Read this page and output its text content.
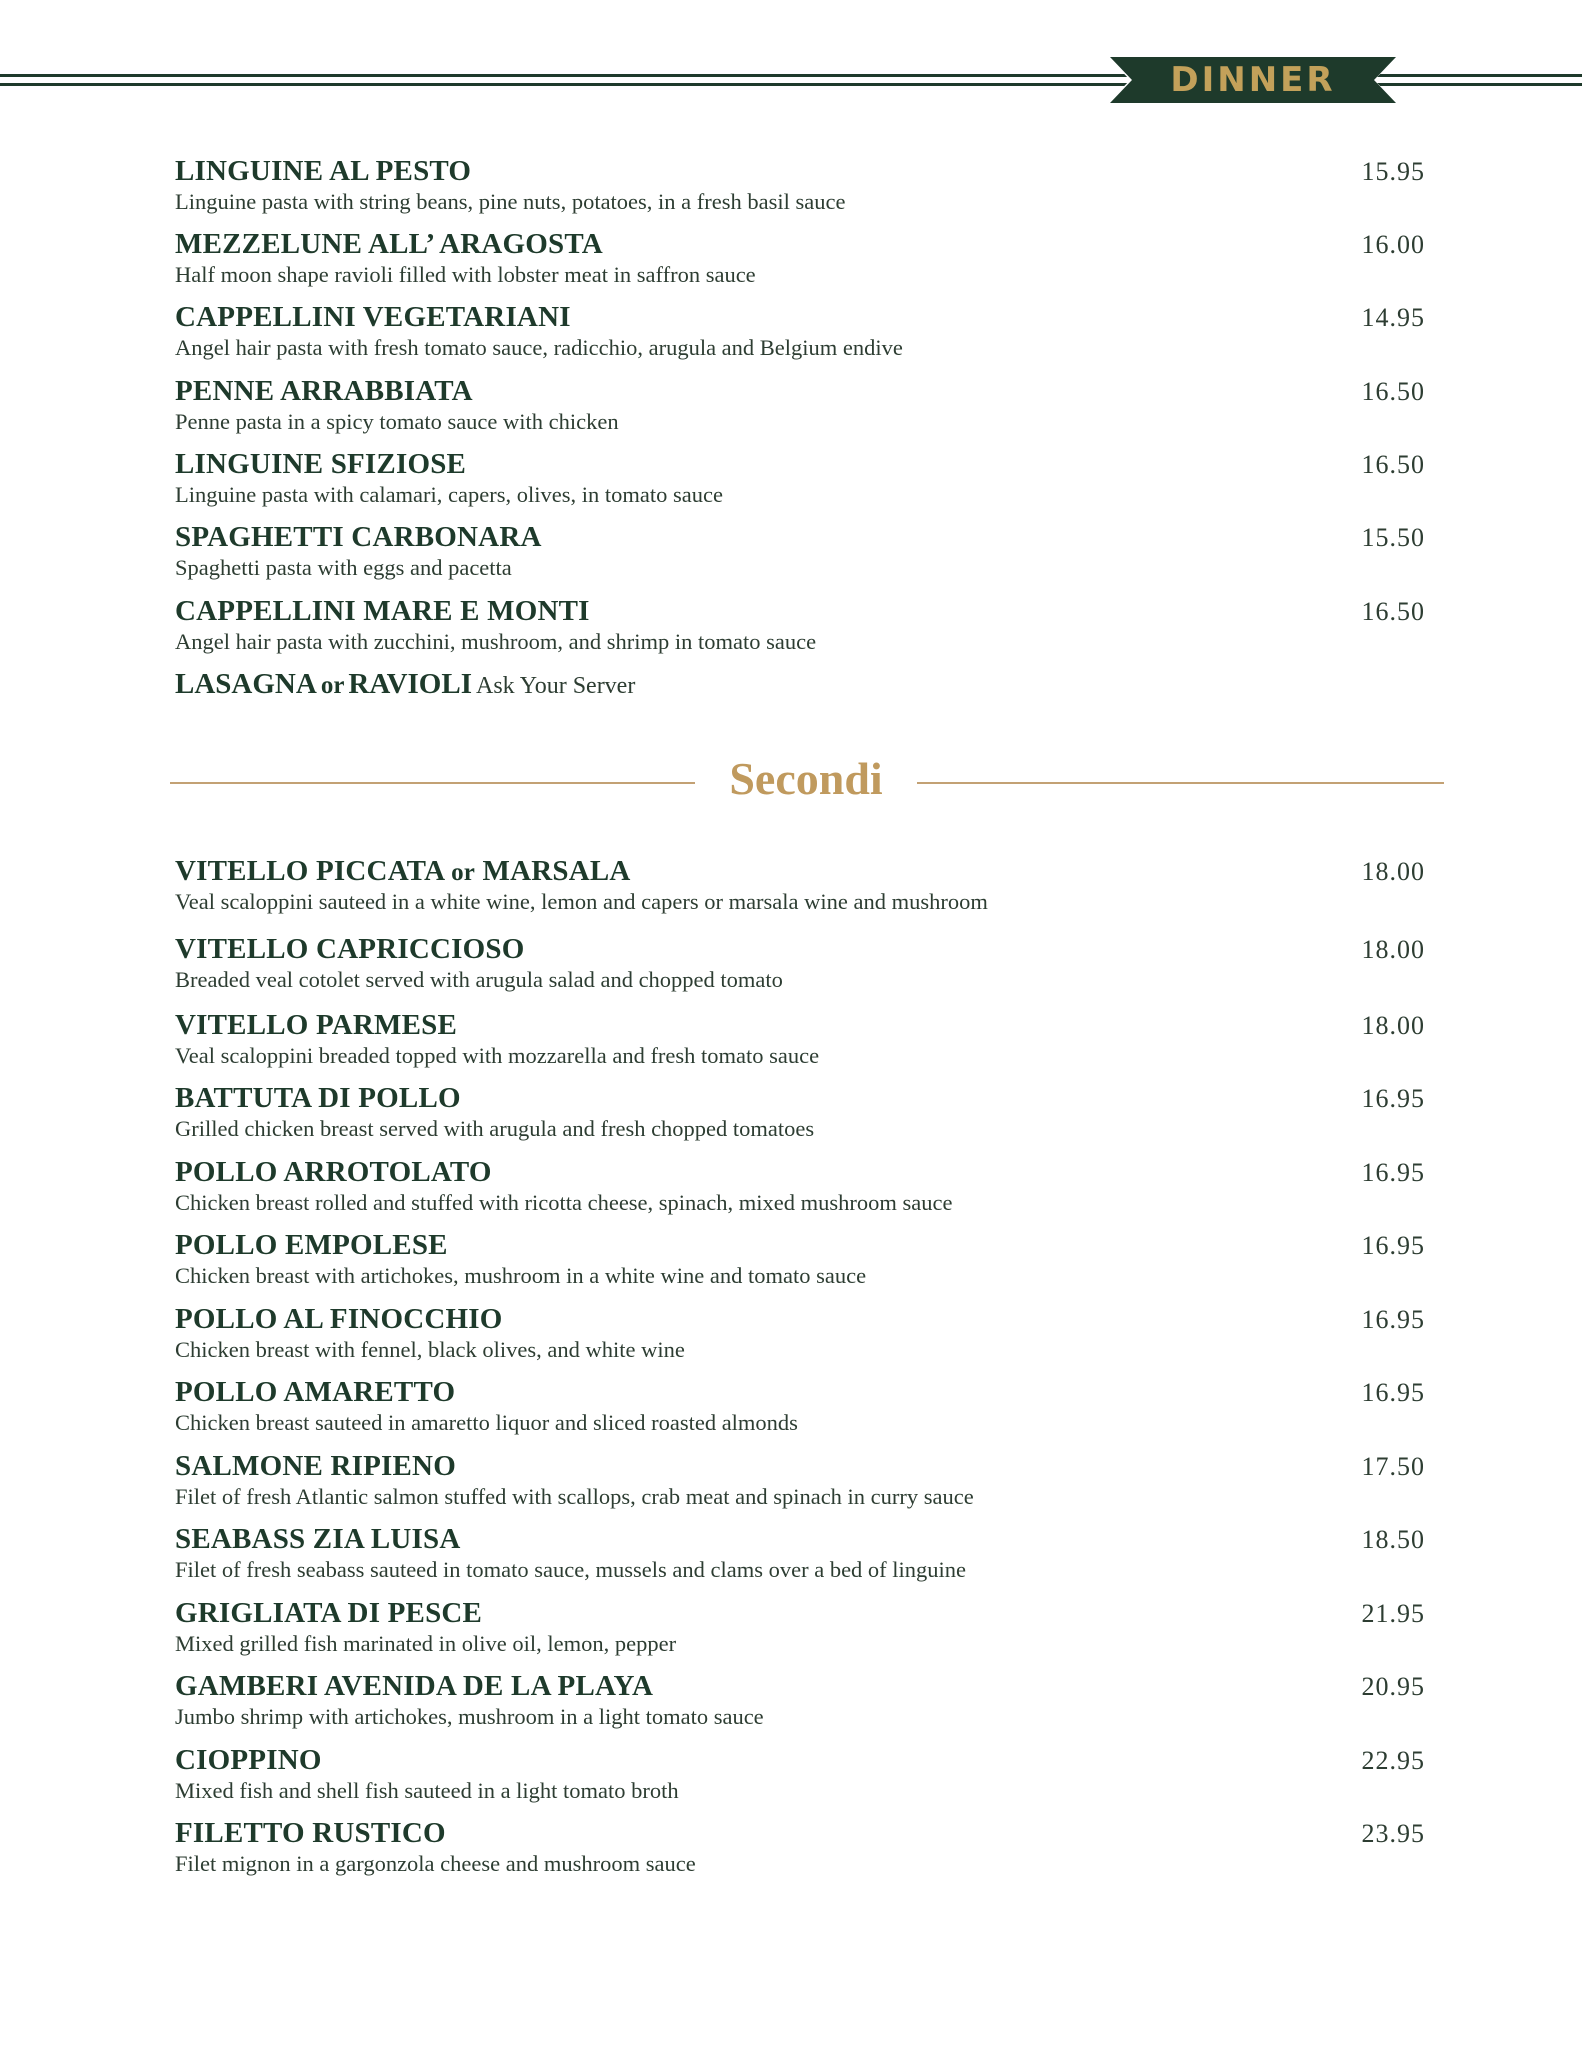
DINNER
LINGUINE AL PESTO
Linguine pasta with string beans, pine nuts, potatoes, in a fresh basil sauce
15.95
MEZZELUNE ALL’ ARAGOSTA
Half moon shape ravioli filled with lobster meat in saffron sauce
16.00
CAPPELLINI VEGETARIANI
Angel hair pasta with fresh tomato sauce, radicchio, arugula and Belgium endive
14.95
PENNE ARRABBIATA
Penne pasta in a spicy tomato sauce with chicken
16.50
LINGUINE SFIZIOSE
Linguine pasta with calamari, capers, olives, in tomato sauce
16.50
SPAGHETTI CARBONARA
Spaghetti pasta with eggs and pacetta
15.50
CAPPELLINI MARE E MONTI
Angel hair pasta with zucchini, mushroom, and shrimp in tomato sauce
16.50
LASAGNA or RAVIOLI Ask Your Server
Secondi
VITELLO PICCATA or MARSALA
Veal scaloppini sauteed in a white wine, lemon and capers or marsala wine and mushroom
18.00
VITELLO CAPRICCIOSO
Breaded veal cotolet served with arugula salad and chopped tomato
18.00
VITELLO PARMESE
Veal scaloppini breaded topped with mozzarella and fresh tomato sauce
18.00
BATTUTA DI POLLO
Grilled chicken breast served with arugula and fresh chopped tomatoes
16.95
POLLO ARROTOLATO
Chicken breast rolled and stuffed with ricotta cheese, spinach, mixed mushroom sauce
16.95
POLLO EMPOLESE
Chicken breast with artichokes, mushroom in a white wine and tomato sauce
16.95
POLLO AL FINOCCHIO
Chicken breast with fennel, black olives, and white wine
16.95
POLLO AMARETTO
Chicken breast sauteed in amaretto liquor and sliced roasted almonds
16.95
SALMONE RIPIENO
Filet of fresh Atlantic salmon stuffed with scallops, crab meat and spinach in curry sauce
17.50
SEABASS ZIA LUISA
Filet of fresh seabass sauteed in tomato sauce, mussels and clams over a bed of linguine
18.50
GRIGLIATA DI PESCE
Mixed grilled fish marinated in olive oil, lemon, pepper
21.95
GAMBERI AVENIDA DE LA PLAYA
Jumbo shrimp with artichokes, mushroom in a light tomato sauce
20.95
CIOPPINO
Mixed fish and shell fish sauteed in a light tomato broth
22.95
FILETTO RUSTICO
Filet mignon in a gargonzola cheese and mushroom sauce
23.95
